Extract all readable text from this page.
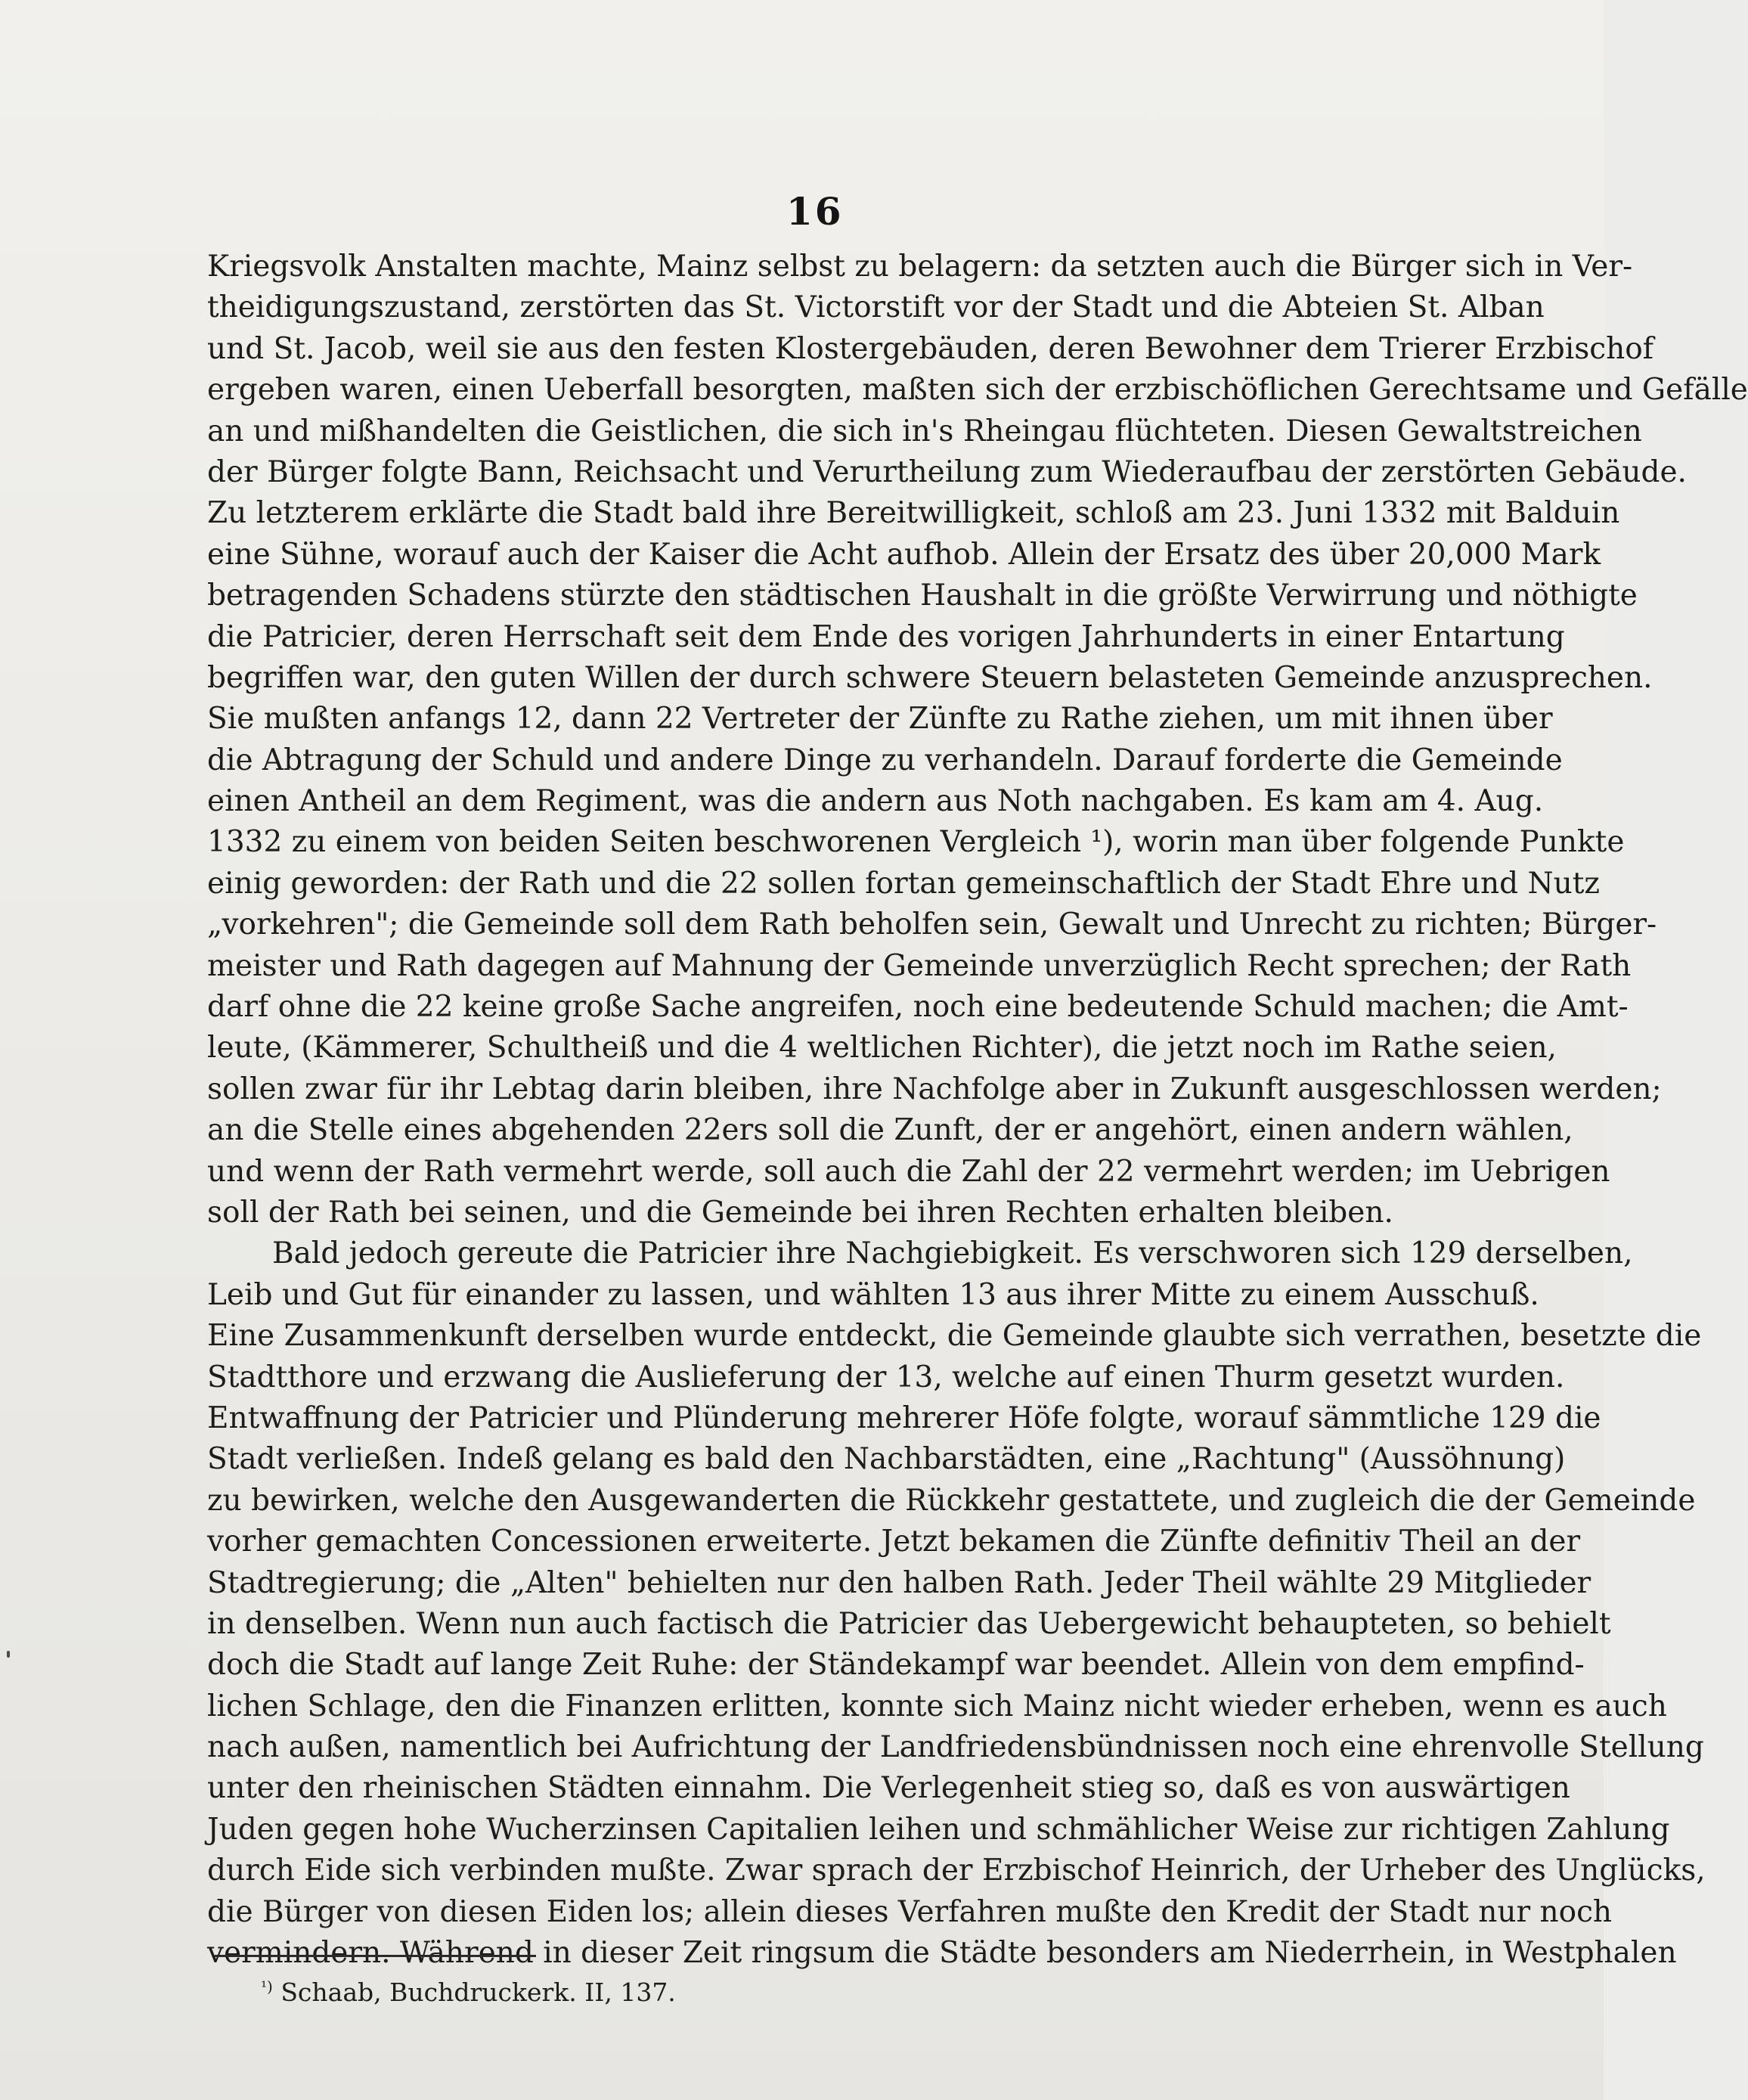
16
Kriegsvolk Anstalten machte, Mainz selbst zu belagern: da setzten auch die Bürger sich in Ver-
theidigungszustand, zerstörten das St. Victorstift vor der Stadt und die Abteien St. Alban
und St. Jacob, weil sie aus den festen Klostergebäuden, deren Bewohner dem Trierer Erzbischof
ergeben waren, einen Ueberfall besorgten, maßten sich der erzbischöflichen Gerechtsame und Gefälle
an und mißhandelten die Geistlichen, die sich in's Rheingau flüchteten. Diesen Gewaltstreichen
der Bürger folgte Bann, Reichsacht und Verurtheilung zum Wiederaufbau der zerstörten Gebäude.
Zu letzterem erklärte die Stadt bald ihre Bereitwilligkeit, schloß am 23. Juni 1332 mit Balduin
eine Sühne, worauf auch der Kaiser die Acht aufhob. Allein der Ersatz des über 20,000 Mark
betragenden Schadens stürzte den städtischen Haushalt in die größte Verwirrung und nöthigte
die Patricier, deren Herrschaft seit dem Ende des vorigen Jahrhunderts in einer Entartung
begriffen war, den guten Willen der durch schwere Steuern belasteten Gemeinde anzusprechen.
Sie mußten anfangs 12, dann 22 Vertreter der Zünfte zu Rathe ziehen, um mit ihnen über
die Abtragung der Schuld und andere Dinge zu verhandeln. Darauf forderte die Gemeinde
einen Antheil an dem Regiment, was die andern aus Noth nachgaben. Es kam am 4. Aug.
1332 zu einem von beiden Seiten beschworenen Vergleich ¹), worin man über folgende Punkte
einig geworden: der Rath und die 22 sollen fortan gemeinschaftlich der Stadt Ehre und Nutz
„vorkehren"; die Gemeinde soll dem Rath beholfen sein, Gewalt und Unrecht zu richten; Bürger-
meister und Rath dagegen auf Mahnung der Gemeinde unverzüglich Recht sprechen; der Rath
darf ohne die 22 keine große Sache angreifen, noch eine bedeutende Schuld machen; die Amt-
leute, (Kämmerer, Schultheiß und die 4 weltlichen Richter), die jetzt noch im Rathe seien,
sollen zwar für ihr Lebtag darin bleiben, ihre Nachfolge aber in Zukunft ausgeschlossen werden;
an die Stelle eines abgehenden 22ers soll die Zunft, der er angehört, einen andern wählen,
und wenn der Rath vermehrt werde, soll auch die Zahl der 22 vermehrt werden; im Uebrigen
soll der Rath bei seinen, und die Gemeinde bei ihren Rechten erhalten bleiben.
Bald jedoch gereute die Patricier ihre Nachgiebigkeit. Es verschworen sich 129 derselben,
Leib und Gut für einander zu lassen, und wählten 13 aus ihrer Mitte zu einem Ausschuß.
Eine Zusammenkunft derselben wurde entdeckt, die Gemeinde glaubte sich verrathen, besetzte die
Stadtthore und erzwang die Auslieferung der 13, welche auf einen Thurm gesetzt wurden.
Entwaffnung der Patricier und Plünderung mehrerer Höfe folgte, worauf sämmtliche 129 die
Stadt verließen. Indeß gelang es bald den Nachbarstädten, eine „Rachtung" (Aussöhnung)
zu bewirken, welche den Ausgewanderten die Rückkehr gestattete, und zugleich die der Gemeinde
vorher gemachten Concessionen erweiterte. Jetzt bekamen die Zünfte definitiv Theil an der
Stadtregierung; die „Alten" behielten nur den halben Rath. Jeder Theil wählte 29 Mitglieder
in denselben. Wenn nun auch factisch die Patricier das Uebergewicht behaupteten, so behielt
doch die Stadt auf lange Zeit Ruhe: der Ständekampf war beendet. Allein von dem empfind-
lichen Schlage, den die Finanzen erlitten, konnte sich Mainz nicht wieder erheben, wenn es auch
nach außen, namentlich bei Aufrichtung der Landfriedensbündnissen noch eine ehrenvolle Stellung
unter den rheinischen Städten einnahm. Die Verlegenheit stieg so, daß es von auswärtigen
Juden gegen hohe Wucherzinsen Capitalien leihen und schmählicher Weise zur richtigen Zahlung
durch Eide sich verbinden mußte. Zwar sprach der Erzbischof Heinrich, der Urheber des Unglücks,
die Bürger von diesen Eiden los; allein dieses Verfahren mußte den Kredit der Stadt nur noch
vermindern. Während in dieser Zeit ringsum die Städte besonders am Niederrhein, in Westphalen
$^{^1)}$ Schaab, Buchdruckerk. II, 137.
